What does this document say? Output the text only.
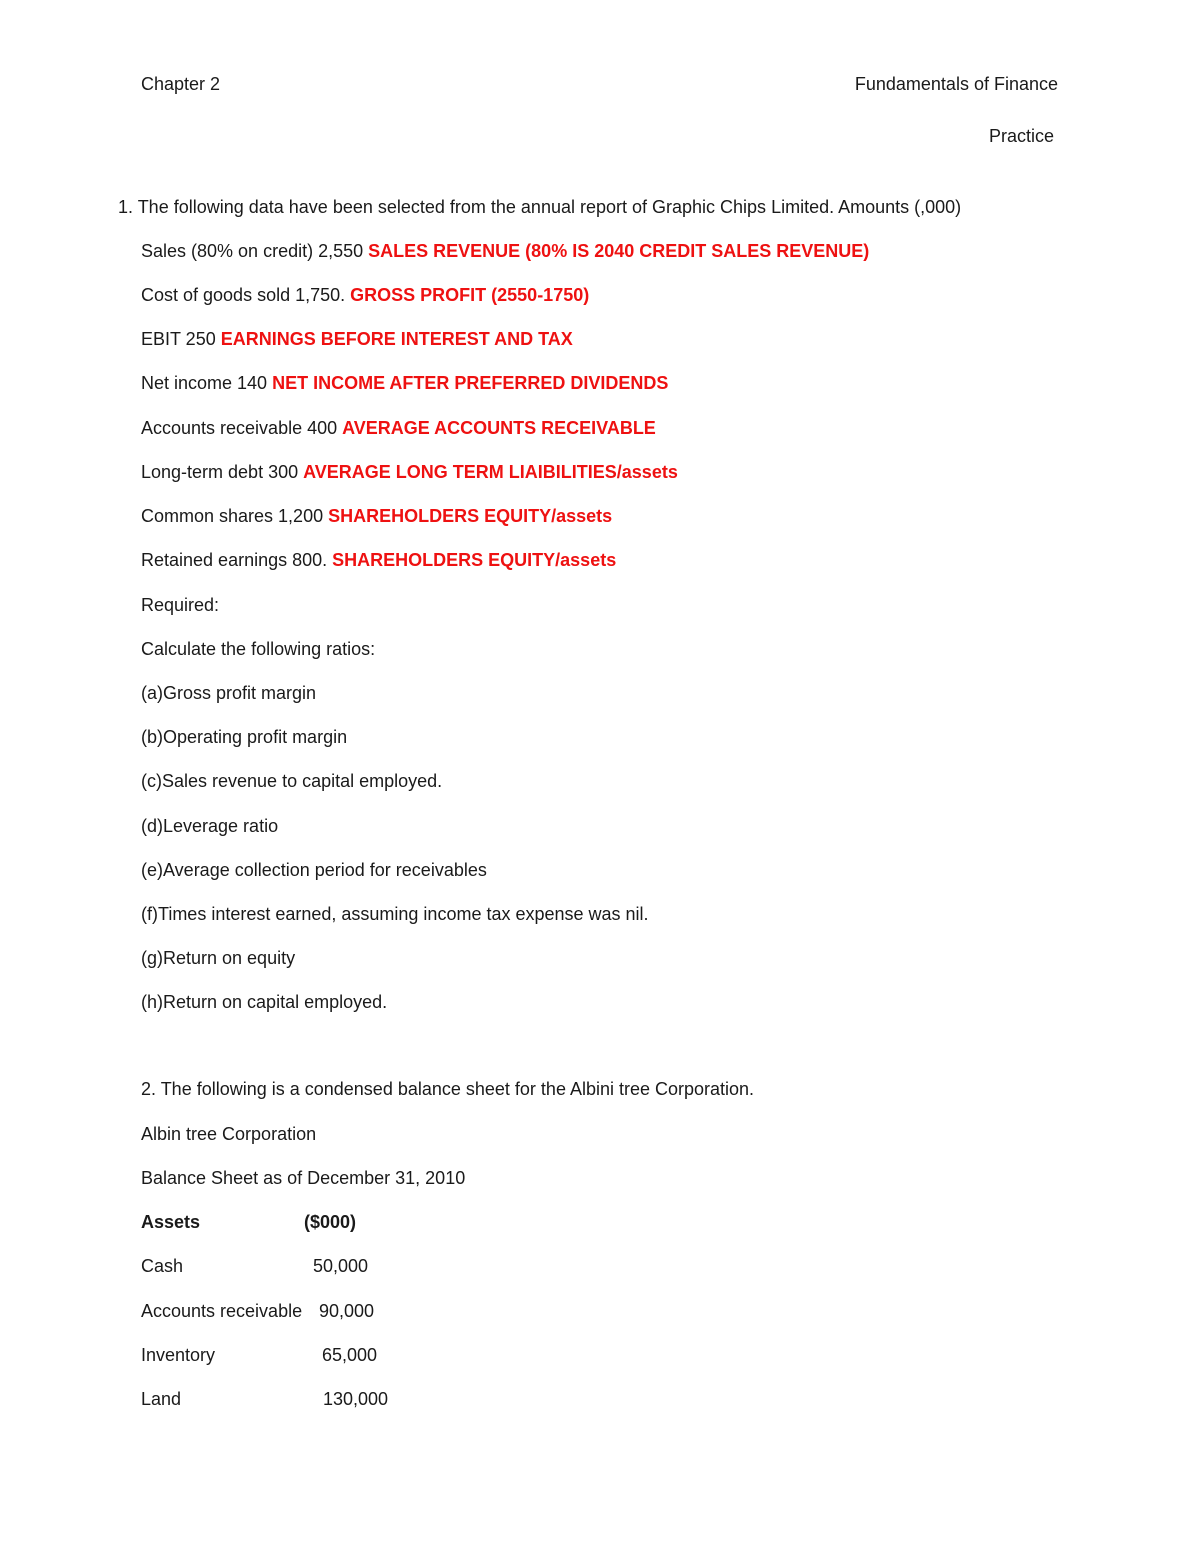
Chapter 2	Fundamentals of Finance
Practice
1. The following data have been selected from the annual report of Graphic Chips Limited. Amounts (,000)
Sales (80% on credit) 2,550 SALES REVENUE (80% IS 2040 CREDIT SALES REVENUE)
Cost of goods sold 1,750. GROSS PROFIT (2550-1750)
EBIT 250 EARNINGS BEFORE INTEREST AND TAX
Net income 140 NET INCOME AFTER PREFERRED DIVIDENDS
Accounts receivable 400 AVERAGE ACCOUNTS RECEIVABLE
Long-term debt 300 AVERAGE LONG TERM LIAIBILITIES/assets
Common shares 1,200 SHAREHOLDERS EQUITY/assets
Retained earnings 800. SHAREHOLDERS EQUITY/assets
Required:
Calculate the following ratios:
(a)Gross profit margin
(b)Operating profit margin
(c)Sales revenue to capital employed.
(d)Leverage ratio
(e)Average collection period for receivables
(f)Times interest earned, assuming income tax expense was nil.
(g)Return on equity
(h)Return on capital employed.
2. The following is a condensed balance sheet for the Albini tree Corporation.
Albin tree Corporation
Balance Sheet as of December 31, 2010
Assets	($000)
Cash	50,000
Accounts receivable 90,000
Inventory	65,000
Land	130,000
